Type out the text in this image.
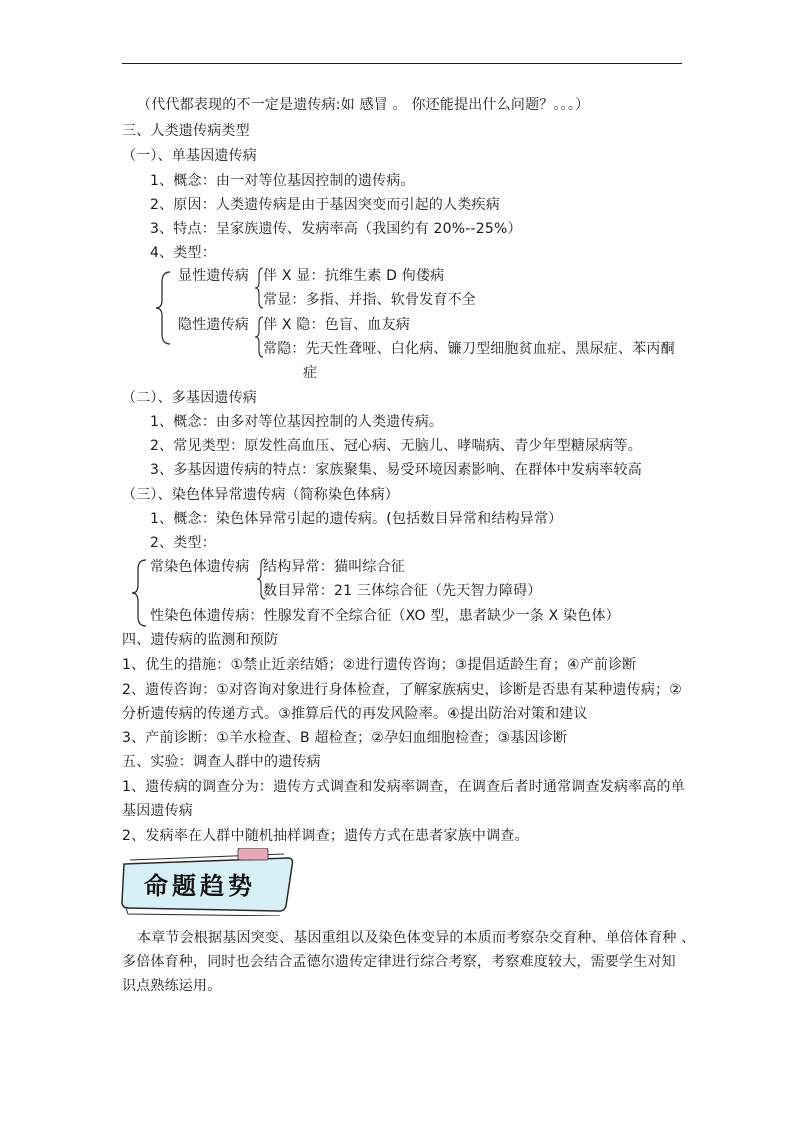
（代代都表现的不一定是遗传病:如 感冒 。 你还能提出什么问题？。。。）
三、人类遗传病类型
（一）、单基因遗传病
1、概念：由一对等位基因控制的遗传病。
2、原因：人类遗传病是由于基因突变而引起的人类疾病
3、特点：呈家族遗传、发病率高（我国约有 20%--25%）
4、类型：
显性遗传病 伴 X 显：抗维生素 D 佝偻病
常显：多指、并指、软骨发育不全
隐性遗传病 伴 X 隐：色盲、血友病
常隐：先天性聋哑、白化病、镰刀型细胞贫血症、黑尿症、苯丙酮
症
（二）、多基因遗传病
1、概念：由多对等位基因控制的人类遗传病。
2、常见类型：原发性高血压、冠心病、无脑儿、哮喘病、青少年型糖尿病等。
3、多基因遗传病的特点：家族聚集、易受环境因素影响、在群体中发病率较高
（三）、染色体异常遗传病（简称染色体病）
1、概念：染色体异常引起的遗传病。(包括数目异常和结构异常）
2、类型：
常染色体遗传病 结构异常：猫叫综合征
数目异常：21 三体综合征（先天智力障碍）
性染色体遗传病：性腺发育不全综合征（XO 型，患者缺少一条 X 染色体）
四、遗传病的监测和预防
1、优生的措施：①禁止近亲结婚；②进行遗传咨询；③提倡适龄生育；④产前诊断
2、遗传咨询：①对咨询对象进行身体检查，了解家族病史，诊断是否患有某种遗传病；②
分析遗传病的传递方式。③推算后代的再发风险率。④提出防治对策和建议
3、产前诊断：①羊水检查、B 超检查；②孕妇血细胞检查；③基因诊断
五、实验：调查人群中的遗传病
1、遗传病的调查分为：遗传方式调查和发病率调查，在调查后者时通常调查发病率高的单
基因遗传病
2、发病率在人群中随机抽样调查；遗传方式在患者家族中调查。
命题趋势
本章节会根据基因突变、基因重组以及染色体变异的本质而考察杂交育种、单倍体育种 、
多倍体育种，同时也会结合孟德尔遗传定律进行综合考察，考察难度较大，需要学生对知
识点熟练运用。
